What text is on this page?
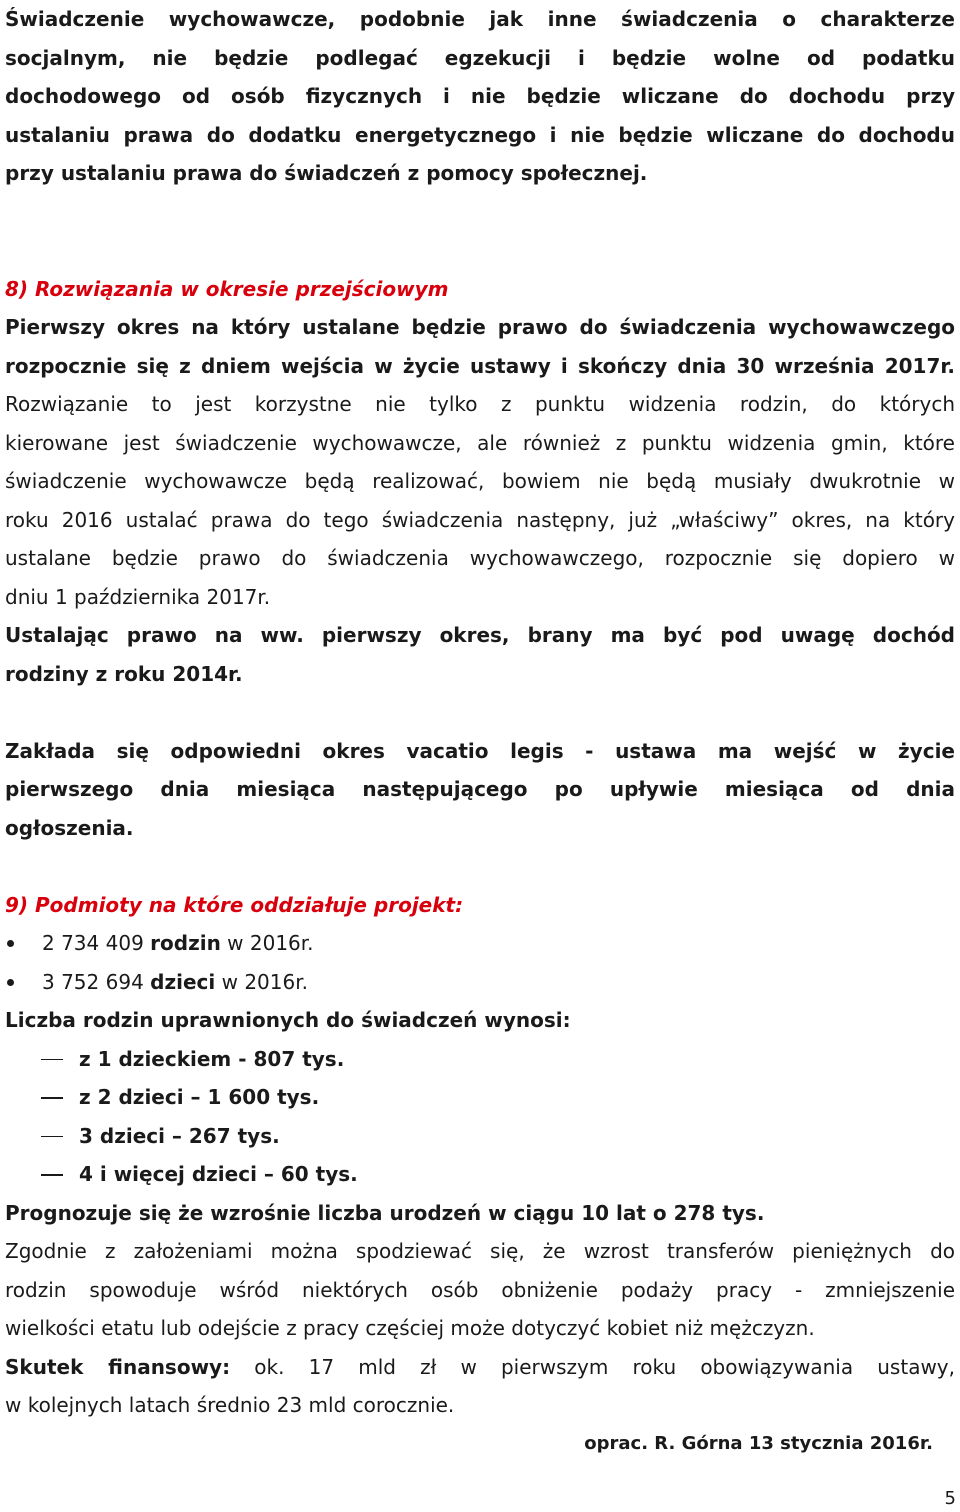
Świadczenie wychowawcze, podobnie jak inne świadczenia o charakterze
socjalnym, nie będzie podlegać egzekucji i będzie wolne od podatku
dochodowego od osób fizycznych i nie będzie wliczane do dochodu przy
ustalaniu prawa do dodatku energetycznego i nie będzie wliczane do dochodu
przy ustalaniu prawa do świadczeń z pomocy społecznej.
8) Rozwiązania w okresie przejściowym
Pierwszy okres na który ustalane będzie prawo do świadczenia wychowawczego
rozpocznie się z dniem wejścia w życie ustawy i skończy dnia 30 września 2017r.
Rozwiązanie to jest korzystne nie tylko z punktu widzenia rodzin, do których
kierowane jest świadczenie wychowawcze, ale również z punktu widzenia gmin, które
świadczenie wychowawcze będą realizować, bowiem nie będą musiały dwukrotnie w
roku 2016 ustalać prawa do tego świadczenia następny, już „właściwy” okres, na który
ustalane będzie prawo do świadczenia wychowawczego, rozpocznie się dopiero w
dniu 1 października 2017r.
Ustalając prawo na ww. pierwszy okres, brany ma być pod uwagę dochód
rodziny z roku 2014r.
Zakłada się odpowiedni okres vacatio legis - ustawa ma wejść w życie
pierwszego dnia miesiąca następującego po upływie miesiąca od dnia
ogłoszenia.
9) Podmioty na które oddziałuje projekt:
2 734 409 rodzin w 2016r.
3 752 694 dzieci w 2016r.
Liczba rodzin uprawnionych do świadczeń wynosi:
z 1 dzieckiem - 807 tys.
z 2 dzieci – 1 600 tys.
3 dzieci – 267 tys.
4 i więcej dzieci – 60 tys.
Prognozuje się że wzrośnie liczba urodzeń w ciągu 10 lat o 278 tys.
Zgodnie z założeniami można spodziewać się, że wzrost transferów pieniężnych do
rodzin spowoduje wśród niektórych osób obniżenie podaży pracy - zmniejszenie
wielkości etatu lub odejście z pracy częściej może dotyczyć kobiet niż mężczyzn.
Skutek finansowy: ok. 17 mld zł w pierwszym roku obowiązywania ustawy,
w kolejnych latach średnio 23 mld corocznie.
oprac. R. Górna 13 stycznia 2016r.
5
